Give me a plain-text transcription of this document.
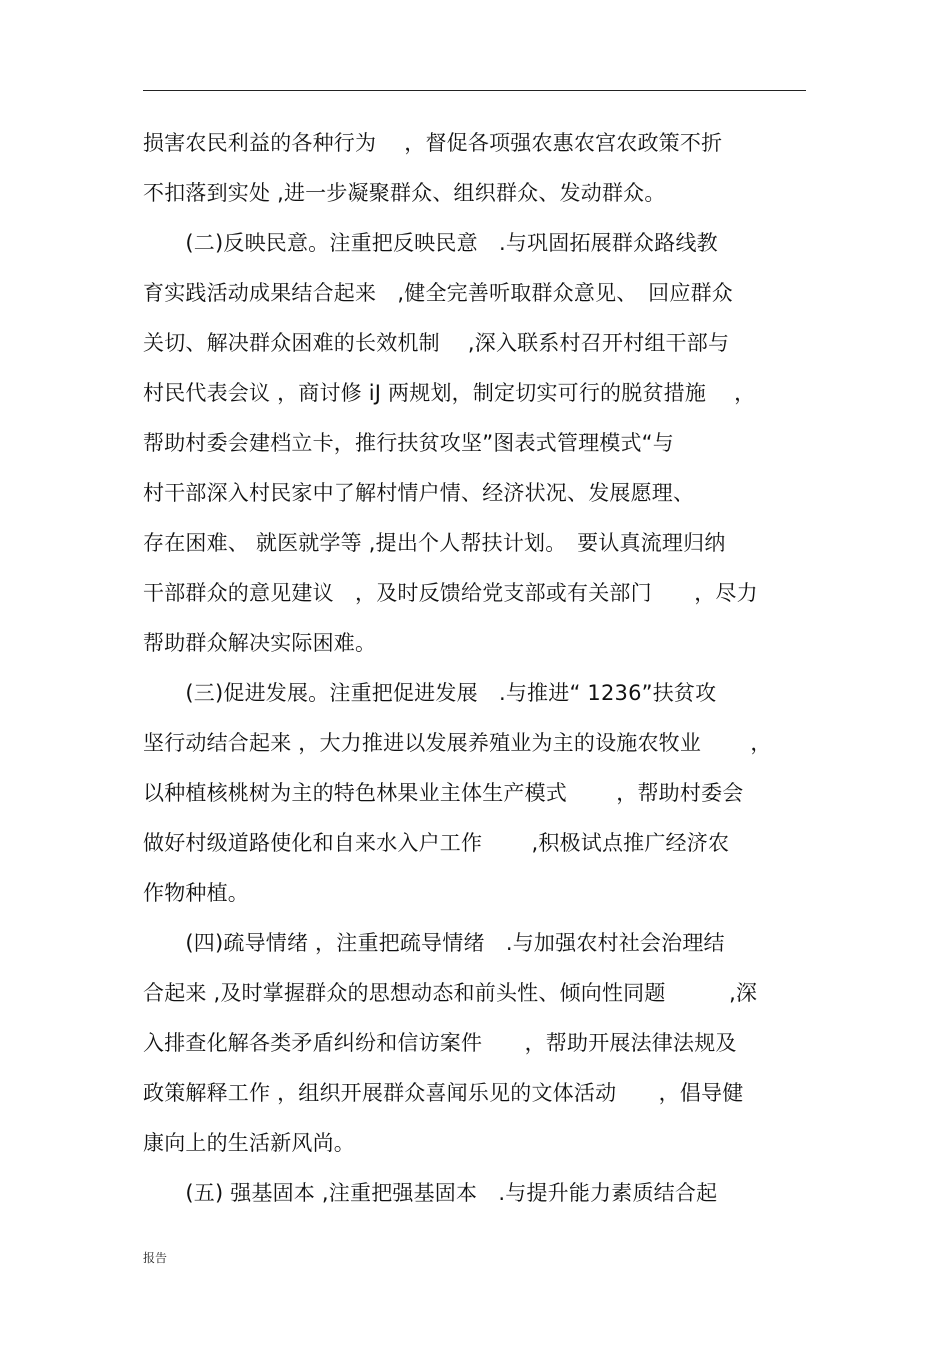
损害农民利益的各种行为　 ，督促各项强农惠农宫农政策不折
不扣落到实处 ,进一步凝聚群众、组织群众、发动群众。
　　(二)反映民意。注重把反映民意　.与巩固拓展群众路线教
育实践活动成果结合起来　,健全完善听取群众意见、　回应群众
关切、解决群众困难的长效机制　 ,深入联系村召开村组干部与
村民代表会议 ，商讨修 iJ 两规划，制定切实可行的脱贫措施　 ，
帮助村委会建档立卡，推行扶贫攻坚”图表式管理模式“与
村干部深入村民家中了解村情户情、经济状况、发展愿理、
存在困难、 就医就学等 ,提出个人帮扶计划。　要认真流理归纳
干部群众的意见建议　，及时反馈给党支部或有关部门　　，尽力
帮助群众解决实际困难。
　　(三)促进发展。注重把促进发展　.与推进“ 1236”扶贫攻
坚行动结合起来 ，大力推进以发展养殖业为主的设施农牧业　　 ，
以种植核桃树为主的特色林果业主体生产模式　　 ，帮助村委会
做好村级道路使化和自来水入户工作　　 ,积极试点推广经济农
作物种植。
　　(四)疏导情绪 ，注重把疏导情绪　.与加强农村社会治理结
合起来 ,及时掌握群众的思想动态和前头性、倾向性同题　　　,深
入排查化解各类矛盾纠纷和信访案件　　，帮助开展法律法规及
政策解释工作 ，组织开展群众喜闻乐见的文体活动　　，倡导健
康向上的生活新风尚。
　　(五) 强基固本 ,注重把强基固本　.与提升能力素质结合起
报告
